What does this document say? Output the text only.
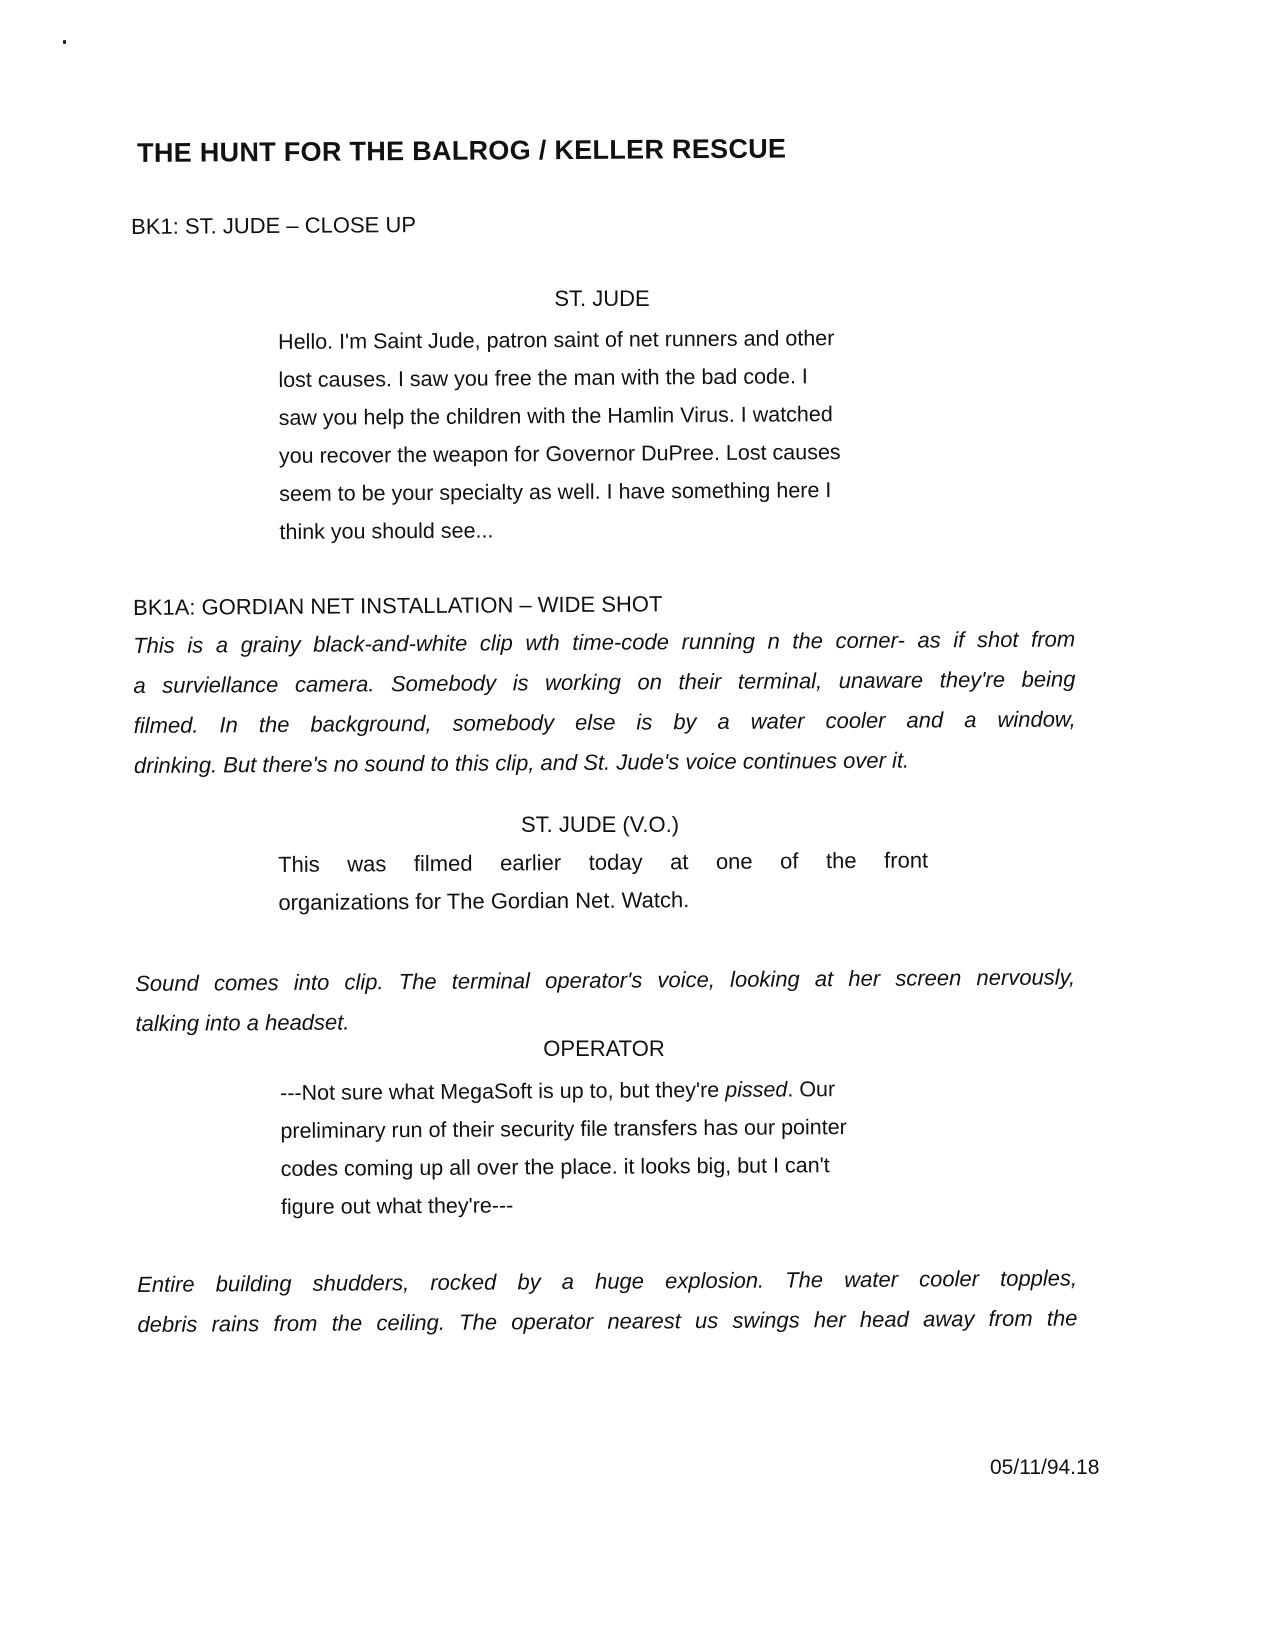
THE HUNT FOR THE BALROG / KELLER RESCUE
BK1: ST. JUDE – CLOSE UP
ST. JUDE
Hello. I'm Saint Jude, patron saint of net runners and other
lost causes. I saw you free the man with the bad code. I
saw you help the children with the Hamlin Virus. I watched
you recover the weapon for Governor DuPree. Lost causes
seem to be your specialty as well. I have something here I
think you should see...
BK1A: GORDIAN NET INSTALLATION – WIDE SHOT
This is a grainy black-and-white clip wth time-code running n the corner- as if shot from
a surviellance camera. Somebody is working on their terminal, unaware they're being
filmed. In the background, somebody else is by a water cooler and a window,
drinking. But there's no sound to this clip, and St. Jude's voice continues over it.
ST. JUDE (V.O.)
This was filmed earlier today at one of the front
organizations for The Gordian Net. Watch.
Sound comes into clip. The terminal operator's voice, looking at her screen nervously,
talking into a headset.
OPERATOR
---Not sure what MegaSoft is up to, but they're pissed. Our
preliminary run of their security file transfers has our pointer
codes coming up all over the place. it looks big, but I can't
figure out what they're---
Entire building shudders, rocked by a huge explosion. The water cooler topples,
debris rains from the ceiling. The operator nearest us swings her head away from the
05/11/94.18
